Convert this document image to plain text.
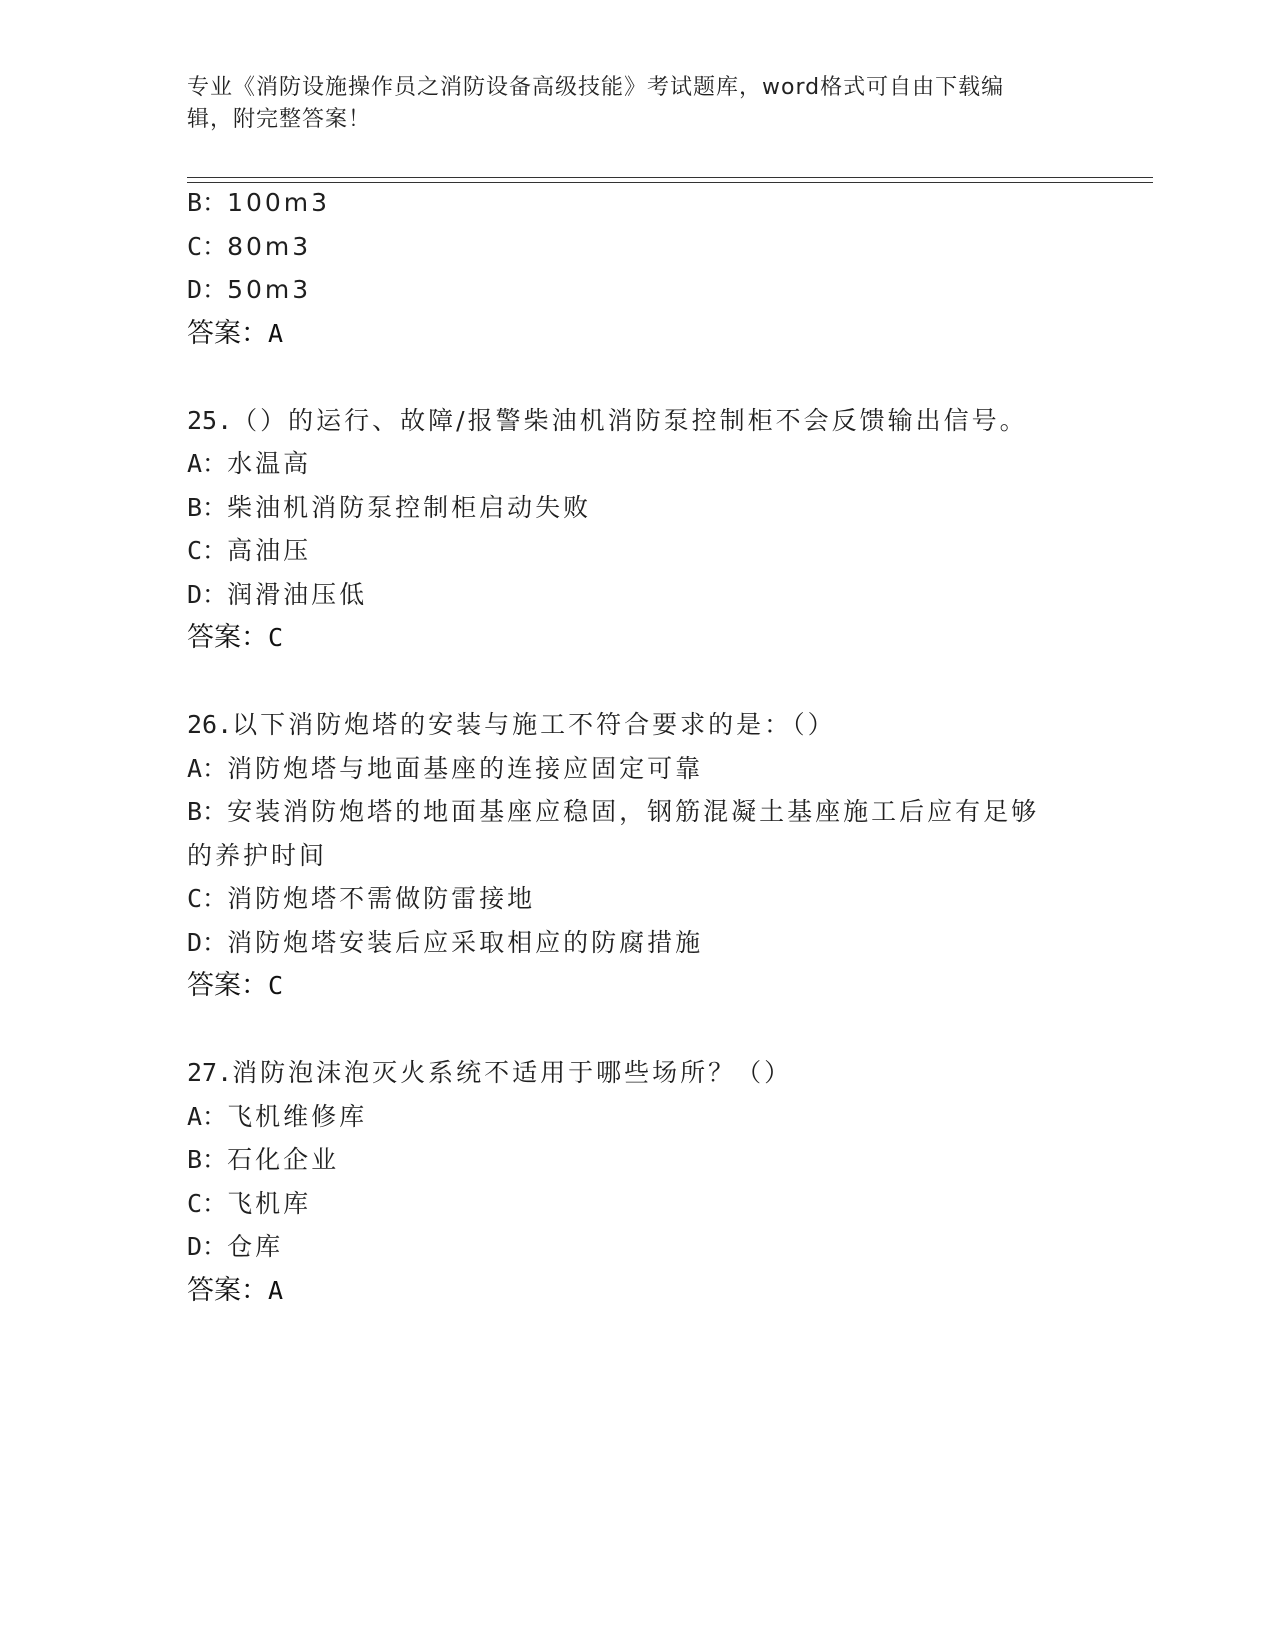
专业《消防设施操作员之消防设备高级技能》考试题库，word格式可自由下载编
辑，附完整答案！
B：100m3
C：80m3
D：50m3
答案：A
25.（）的运行、故障/报警柴油机消防泵控制柜不会反馈输出信号。
A：水温高
B：柴油机消防泵控制柜启动失败
C：高油压
D：润滑油压低
答案：C
26.以下消防炮塔的安装与施工不符合要求的是：（）
A：消防炮塔与地面基座的连接应固定可靠
B：安装消防炮塔的地面基座应稳固，钢筋混凝土基座施工后应有足够
的养护时间
C：消防炮塔不需做防雷接地
D：消防炮塔安装后应采取相应的防腐措施
答案：C
27.消防泡沫泡灭火系统不适用于哪些场所？（）
A：飞机维修库
B：石化企业
C：飞机库
D：仓库
答案：A
